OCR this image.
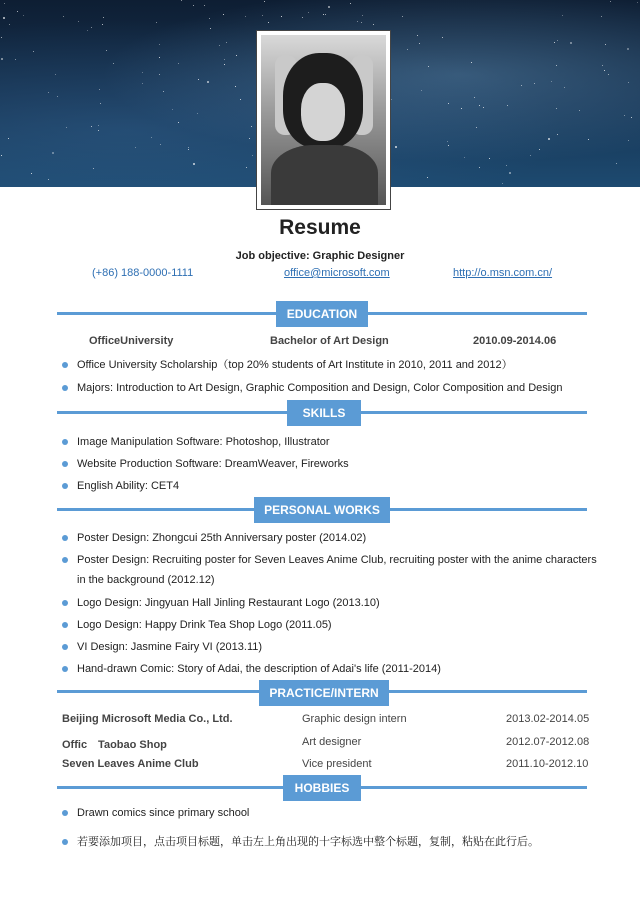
Resume
Job objective: Graphic Designer
(+86) 188-0000-1111	office@microsoft.com	http://o.msn.com.cn/
EDUCATION
OfficeUniversity	Bachelor of Art Design	2010.09-2014.06
Office University Scholarship（top 20% students of Art Institute in 2010, 2011 and 2012）
Majors: Introduction to Art Design, Graphic Composition and Design, Color Composition and Design
SKILLS
Image Manipulation Software: Photoshop, Illustrator
Website Production Software: DreamWeaver, Fireworks
English Ability: CET4
PERSONAL WORKS
Poster Design: Zhongcui 25th Anniversary poster (2014.02)
Poster Design: Recruiting poster for Seven Leaves Anime Club, recruiting poster with the anime characters in the background (2012.12)
Logo Design: Jingyuan Hall Jinling Restaurant Logo (2013.10)
Logo Design: Happy Drink Tea Shop Logo (2011.05)
VI Design: Jasmine Fairy VI (2013.11)
Hand-drawn Comic: Story of Adai, the description of Adai's life (2011-2014)
PRACTICE/INTERN
Beijing Microsoft Media Co., Ltd.	Graphic design intern	2013.02-2014.05
Offic　Taobao Shop	Art designer	2012.07-2012.08
Seven Leaves Anime Club	Vice president	2011.10-2012.10
HOBBIES
Drawn comics since primary school
若要添加项目，点击项目标题，单击左上角出现的十字标选中整个标题，复制，粘贴在此行后。
